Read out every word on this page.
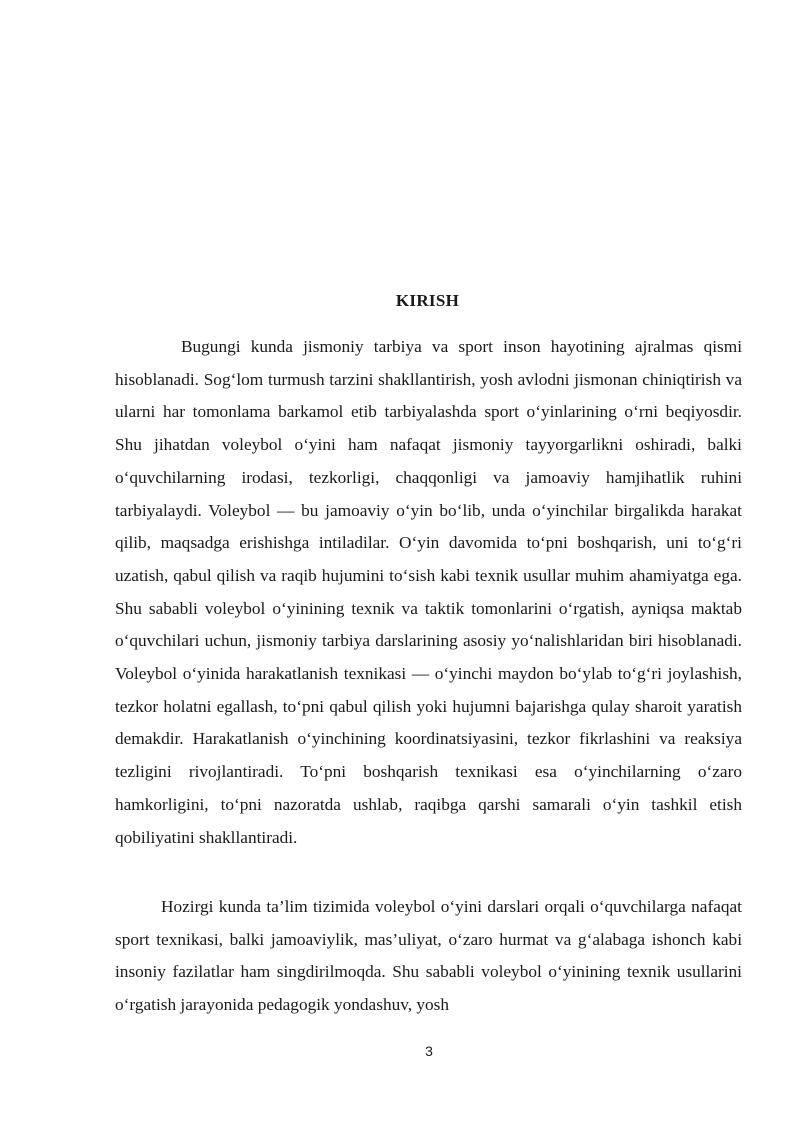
KIRISH

Bugungi kunda jismoniy tarbiya va sport inson hayotining ajralmas qismi hisoblanadi. Sog‘lom turmush tarzini shakllantirish, yosh avlodni jismonan chiniqtirish va ularni har tomonlama barkamol etib tarbiyalashda sport o‘yinlarining o‘rni beqiyosdir. Shu jihatdan voleybol o‘yini ham nafaqat jismoniy tayyorgarlikni oshiradi, balki o‘quvchilarning irodasi, tezkorligi, chaqqonligi va jamoaviy hamjihatlik ruhini tarbiyalaydi. Voleybol — bu jamoaviy o‘yin bo‘lib, unda o‘yinchilar birgalikda harakat qilib, maqsadga erishishga intiladilar. O‘yin davomida to‘pni boshqarish, uni to‘g‘ri uzatish, qabul qilish va raqib hujumini to‘sish kabi texnik usullar muhim ahamiyatga ega. Shu sababli voleybol o‘yinining texnik va taktik tomonlarini o‘rgatish, ayniqsa maktab o‘quvchilari uchun, jismoniy tarbiya darslarining asosiy yo‘nalishlaridan biri hisoblanadi. Voleybol o‘yinida harakatlanish texnikasi — o‘yinchi maydon bo‘ylab to‘g‘ri joylashish, tezkor holatni egallash, to‘pni qabul qilish yoki hujumni bajarishga qulay sharoit yaratish demakdir. Harakatlanish o‘yinchining koordinatsiyasini, tezkor fikrlashini va reaksiya tezligini rivojlantiradi. To‘pni boshqarish texnikasi esa o‘yinchilarning o‘zaro hamkorligini, to‘pni nazoratda ushlab, raqibga qarshi samarali o‘yin tashkil etish qobiliyatini shakllantiradi.

Hozirgi kunda ta’lim tizimida voleybol o‘yini darslari orqali o‘quvchilarga nafaqat sport texnikasi, balki jamoaviylik, mas’uliyat, o‘zaro hurmat va g‘alabaga ishonch kabi insoniy fazilatlar ham singdirilmoqda. Shu sababli voleybol o‘yinining texnik usullarini o‘rgatish jarayonida pedagogik yondashuv, yosh

3
